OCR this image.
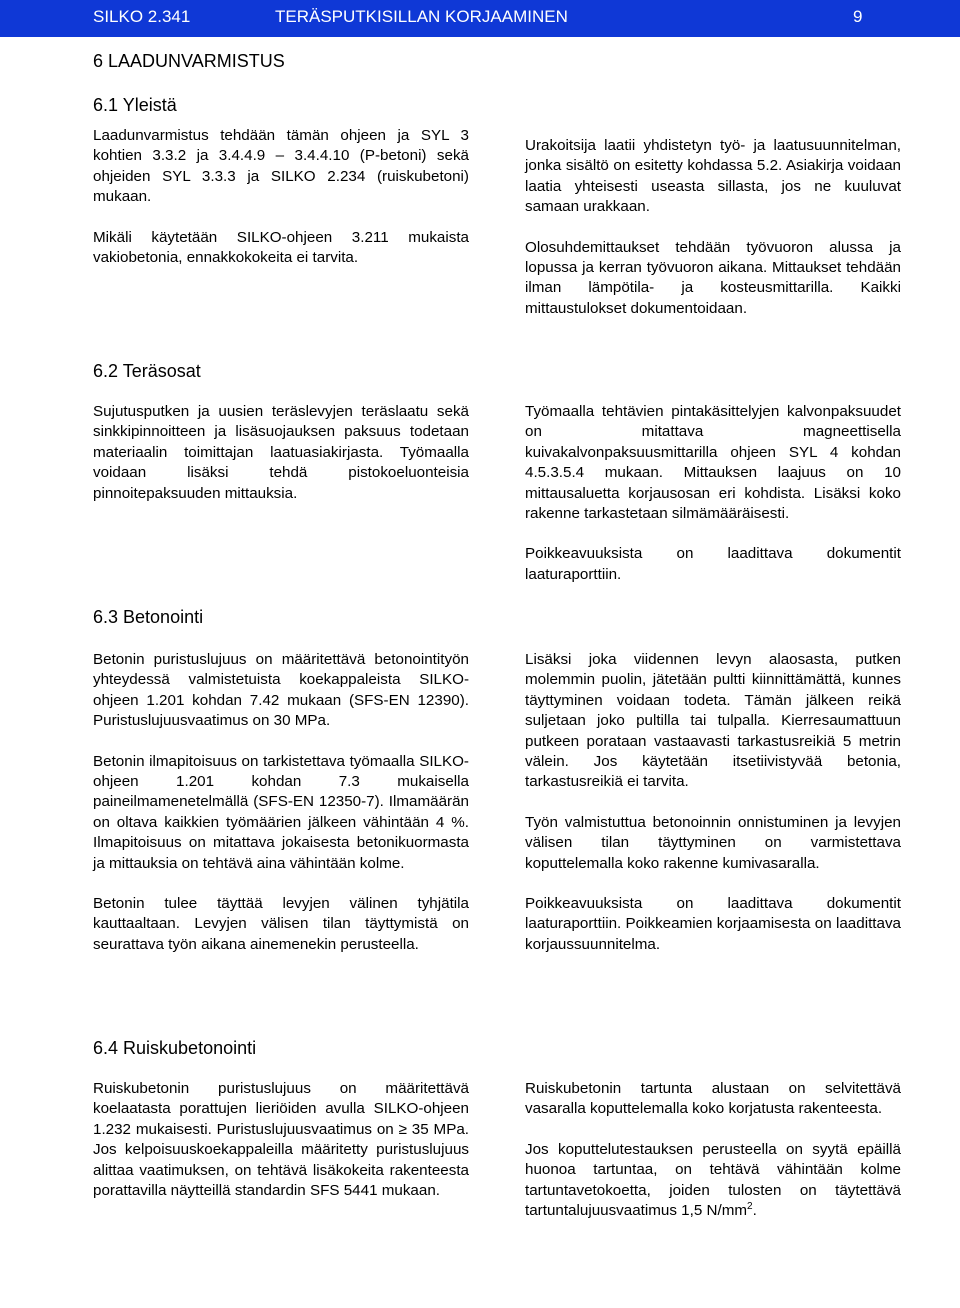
SILKO 2.341	TERÄSPUTKISILLAN KORJAAMINEN	9
6 LAADUNVARMISTUS
6.1 Yleistä

Laadunvarmistus tehdään tämän ohjeen ja SYL 3 kohtien 3.3.2 ja 3.4.4.9 – 3.4.4.10 (P-betoni) sekä ohjeiden SYL 3.3.3 ja SILKO 2.234 (ruiskubetoni) mukaan.

Mikäli käytetään SILKO-ohjeen 3.211 mukaista vakiobetonia, ennakkokokeita ei tarvita.

Urakoitsija laatii yhdistetyn työ- ja laatusuunnitelman, jonka sisältö on esitetty kohdassa 5.2. Asiakirja voidaan laatia yhteisesti useasta sillasta, jos ne kuuluvat samaan urakkaan.

Olosuhdemittaukset tehdään työvuoron alussa ja lopussa ja kerran työvuoron aikana. Mittaukset tehdään ilman lämpötila- ja kosteusmittarilla. Kaikki mittaustulokset dokumentoidaan.

6.2 Teräsosat

Sujutusputken ja uusien teräslevyjen teräslaatu sekä sinkkipinnoitteen ja lisäsuojauksen paksuus todetaan materiaalin toimittajan laatuasiakirjasta. Työmaalla voidaan lisäksi tehdä pistokoeluonteisia pinnoitepaksuuden mittauksia.

Työmaalla tehtävien pintakäsittelyjen kalvonpaksuudet on mitattava magneettisella kuivakalvonpaksuusmittarilla ohjeen SYL 4 kohdan 4.5.3.5.4 mukaan. Mittauksen laajuus on 10 mittausaluetta korjausosan eri kohdista. Lisäksi koko rakenne tarkastetaan silmämääräisesti.

Poikkeavuuksista on laadittava dokumentit laaturaporttiin.

6.3 Betonointi

Betonin puristuslujuus on määritettävä betonointityön yhteydessä valmistetuista koekappaleista SILKO-ohjeen 1.201 kohdan 7.42 mukaan (SFS-EN 12390). Puristuslujuusvaatimus on 30 MPa.

Betonin ilmapitoisuus on tarkistettava työmaalla SILKO-ohjeen 1.201 kohdan 7.3 mukaisella paineilmamenetelmällä (SFS-EN 12350-7). Ilmamäärän on oltava kaikkien työmäärien jälkeen vähintään 4 %. Ilmapitoisuus on mitattava jokaisesta betonikuormasta ja mittauksia on tehtävä aina vähintään kolme.

Betonin tulee täyttää levyjen välinen tyhjätila kauttaaltaan. Levyjen välisen tilan täyttymistä on seurattava työn aikana ainemenekin perusteella.

Lisäksi joka viidennen levyn alaosasta, putken molemmin puolin, jätetään pultti kiinnittämättä, kunnes täyttyminen voidaan todeta. Tämän jälkeen reikä suljetaan joko pultilla tai tulpalla. Kierresaumattuun putkeen porataan vastaavasti tarkastusreikiä 5 metrin välein. Jos käytetään itsetiivistyvää betonia, tarkastusreikiä ei tarvita.

Työn valmistuttua betonoinnin onnistuminen ja levyjen välisen tilan täyttyminen on varmistettava koputtelemalla koko rakenne kumivasaralla.

Poikkeavuuksista on laadittava dokumentit laaturaporttiin. Poikkeamien korjaamisesta on laadittava korjaussuunnitelma.

6.4 Ruiskubetonointi

Ruiskubetonin puristuslujuus on määritettävä koelaatasta porattujen lieriöiden avulla SILKO-ohjeen 1.232 mukaisesti. Puristuslujuusvaatimus on ≥ 35 MPa. Jos kelpoisuuskoekappaleilla määritetty puristuslujuus alittaa vaatimuksen, on tehtävä lisäkokeita rakenteesta porattavilla näytteillä standardin SFS 5441 mukaan.

Ruiskubetonin tartunta alustaan on selvitettävä vasaralla koputtelemalla koko korjatusta rakenteesta.

Jos koputtelutestauksen perusteella on syytä epäillä huonoa tartuntaa, on tehtävä vähintään kolme tartuntavetokoetta, joiden tulosten on täytettävä tartuntalujuusvaatimus 1,5 $N/mm^2$.
